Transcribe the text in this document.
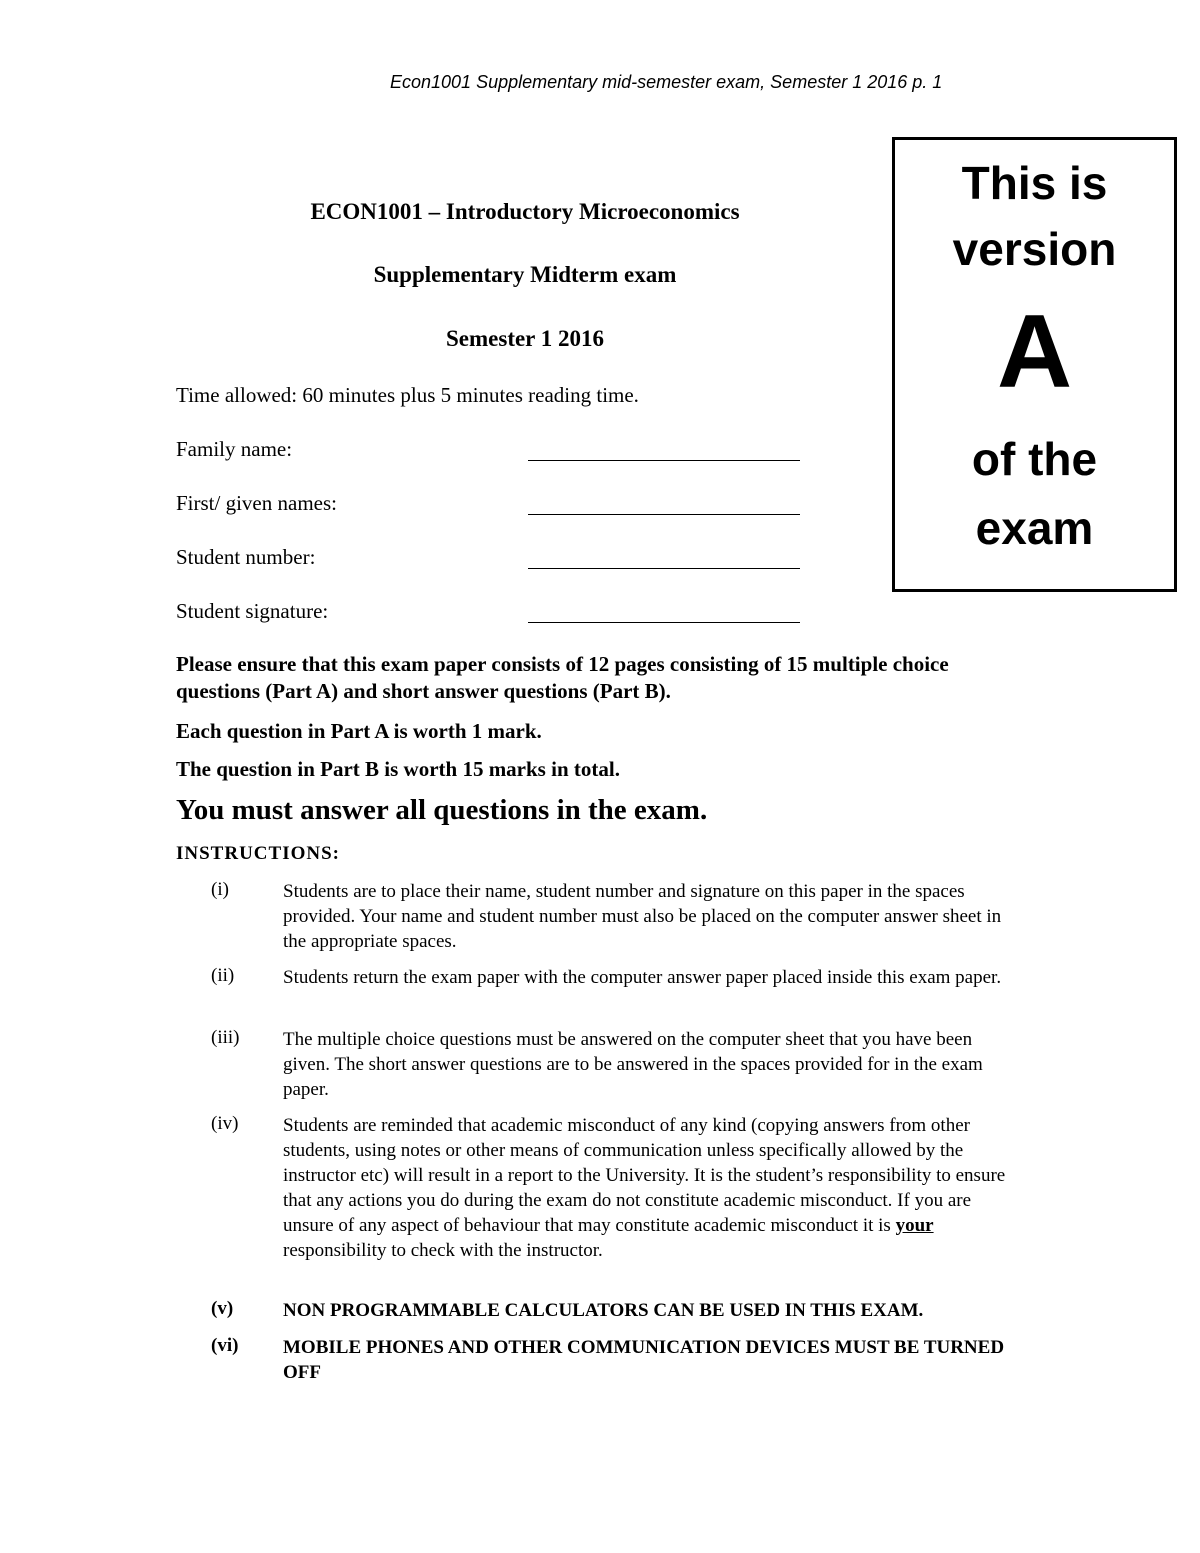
Econ1001 Supplementary mid-semester exam, Semester 1 2016 p. 1
This is
version
A
of the
exam
ECON1001 – Introductory Microeconomics
Supplementary Midterm exam
Semester 1 2016
Time allowed: 60 minutes plus 5 minutes reading time.
Family name:
First/ given names:
Student number:
Student signature:
Please ensure that this exam paper consists of 12 pages consisting of 15 multiple choice questions (Part A) and short answer questions (Part B).
Each question in Part A is worth 1 mark.
The question in Part B is worth 15 marks in total.
You must answer all questions in the exam.
INSTRUCTIONS:
(i)	Students are to place their name, student number and signature on this paper in the spaces provided. Your name and student number must also be placed on the computer answer sheet in the appropriate spaces.
(ii)	Students return the exam paper with the computer answer paper placed inside this exam paper.
(iii) The multiple choice questions must be answered on the computer sheet that you have been given. The short answer questions are to be answered in the spaces provided for in the exam paper.
(iv) Students are reminded that academic misconduct of any kind (copying answers from other students, using notes or other means of communication unless specifically allowed by the instructor etc) will result in a report to the University. It is the student’s responsibility to ensure that any actions you do during the exam do not constitute academic misconduct. If you are unsure of any aspect of behaviour that may constitute academic misconduct it is your responsibility to check with the instructor.
(v)	NON PROGRAMMABLE CALCULATORS CAN BE USED IN THIS EXAM.
(vi) MOBILE PHONES AND OTHER COMMUNICATION DEVICES MUST BE TURNED OFF
